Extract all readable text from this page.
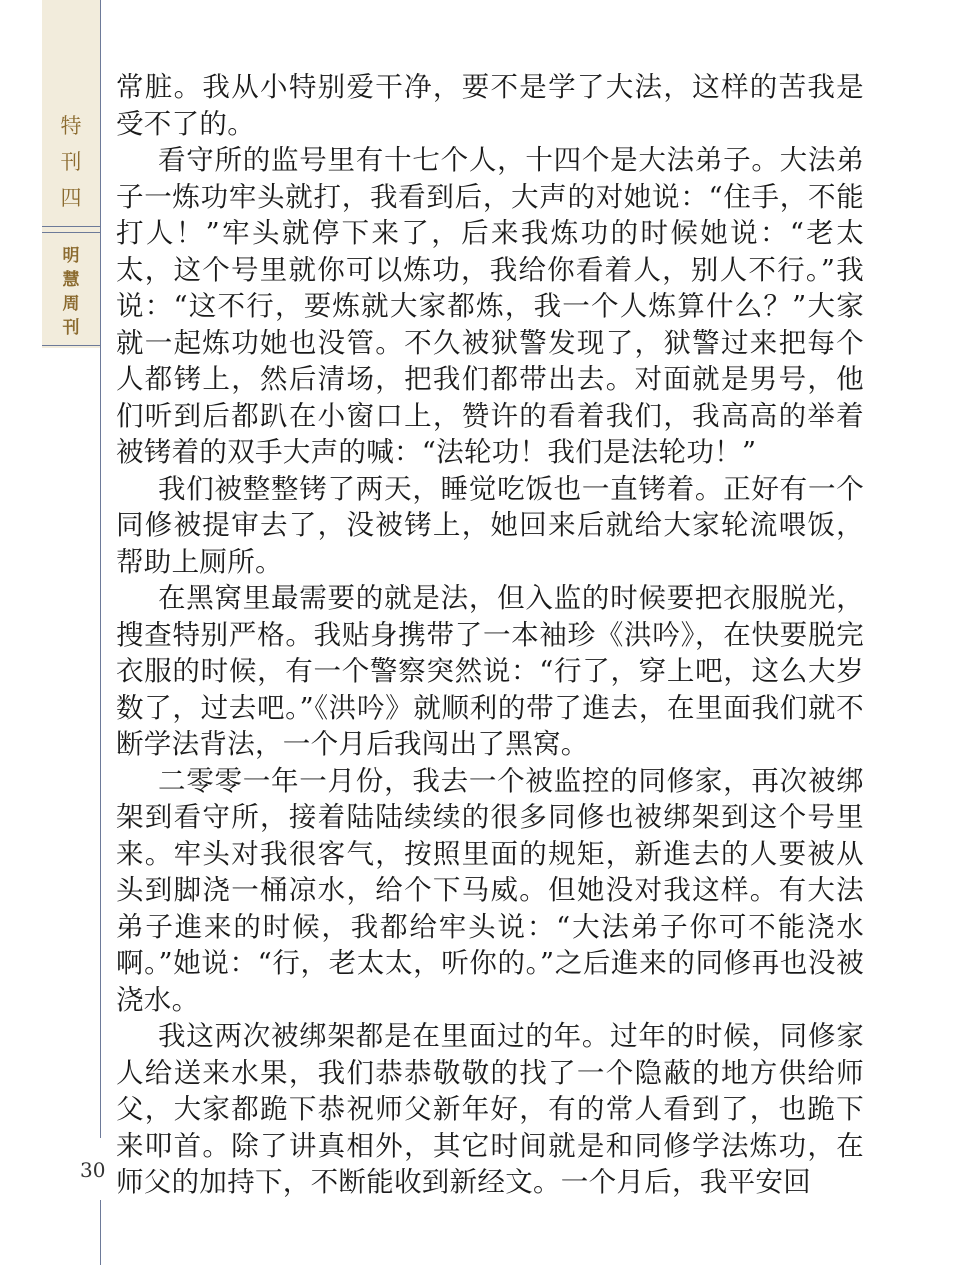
特
刊
四
明
慧
周
刊
30

常脏。我从小特别爱干净，要不是学了大法，这样的苦我是受不了的。

看守所的监号里有十七个人，十四个是大法弟子。大法弟子一炼功牢头就打，我看到后，大声的对她说：“住手，不能打人！”牢头就停下来了，后来我炼功的时候她说：“老太太，这个号里就你可以炼功，我给你看着人，别人不行。”我说：“这不行，要炼就大家都炼，我一个人炼算什么？”大家就一起炼功她也没管。不久被狱警发现了，狱警过来把每个人都铐上，然后清场，把我们都带出去。对面就是男号，他们听到后都趴在小窗口上，赞许的看着我们，我高高的举着被铐着的双手大声的喊：“法轮功！我们是法轮功！”

我们被整整铐了两天，睡觉吃饭也一直铐着。正好有一个同修被提审去了，没被铐上，她回来后就给大家轮流喂饭，帮助上厕所。

在黑窝里最需要的就是法，但入监的时候要把衣服脱光，搜查特别严格。我贴身携带了一本袖珍《洪吟》，在快要脱完衣服的时候，有一个警察突然说：“行了，穿上吧，这么大岁数了，过去吧。”《洪吟》就顺利的带了進去，在里面我们就不断学法背法，一个月后我闯出了黑窝。

二零零一年一月份，我去一个被监控的同修家，再次被绑架到看守所，接着陆陆续续的很多同修也被绑架到这个号里来。牢头对我很客气，按照里面的规矩，新進去的人要被从头到脚浇一桶凉水，给个下马威。但她没对我这样。有大法弟子進来的时候，我都给牢头说：“大法弟子你可不能浇水啊。”她说：“行，老太太，听你的。”之后進来的同修再也没被浇水。

我这两次被绑架都是在里面过的年。过年的时候，同修家人给送来水果，我们恭恭敬敬的找了一个隐蔽的地方供给师父，大家都跪下恭祝师父新年好，有的常人看到了，也跪下来叩首。除了讲真相外，其它时间就是和同修学法炼功，在师父的加持下，不断能收到新经文。一个月后，我平安回
